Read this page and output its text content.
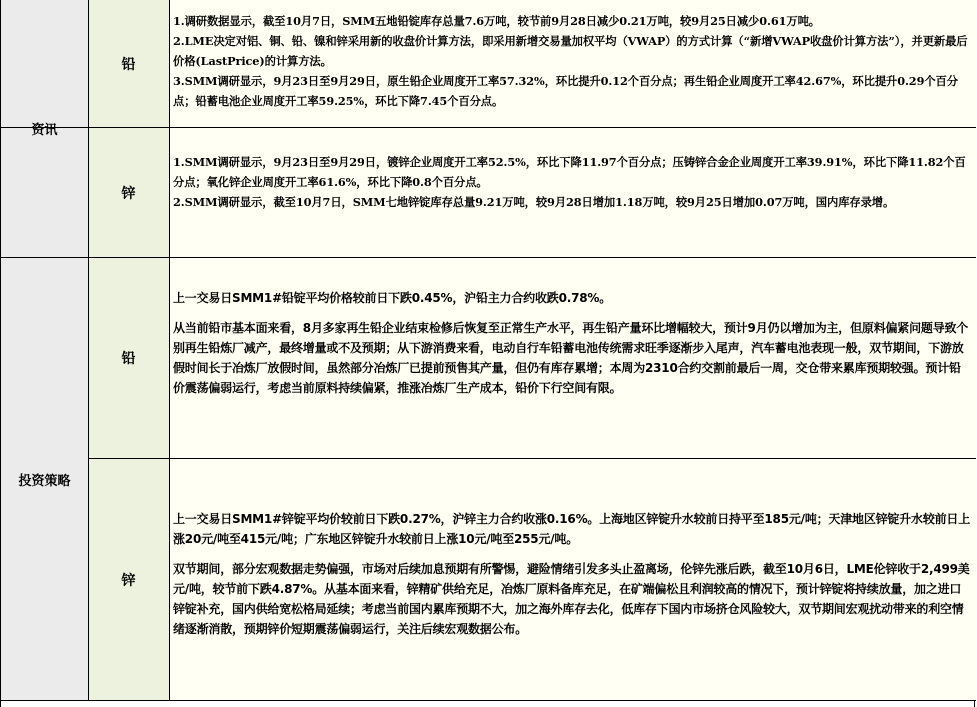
资讯
铅

1.调研数据显示，截至10月7日，SMM五地铅锭库存总量7.6万吨，较节前9月28日减少0.21万吨，较9月25日减少0.61万吨。

2.LME决定对铝、铜、铅、镍和锌采用新的收盘价计算方法，即采用新增交易量加权平均（VWAP）的方式计算（“新增VWAP收盘价计算方法”），并更新最后价格(LastPrice)的计算方法。

3.SMM调研显示，9月23日至9月29日，原生铅企业周度开工率57.32%，环比提升0.12个百分点；再生铅企业周度开工率42.67%，环比提升0.29个百分点；铅蓄电池企业周度开工率59.25%，环比下降7.45个百分点。

锌

1.SMM调研显示，9月23日至9月29日，镀锌企业周度开工率52.5%，环比下降11.97个百分点；压铸锌合金企业周度开工率39.91%，环比下降11.82个百分点；氧化锌企业周度开工率61.6%，环比下降0.8个百分点。

2.SMM调研显示，截至10月7日，SMM七地锌锭库存总量9.21万吨，较9月28日增加1.18万吨，较9月25日增加0.07万吨，国内库存录增。

投资策略
铅

上一交易日SMM1#铅锭平均价格较前日下跌0.45%，沪铅主力合约收跌0.78%。

从当前铅市基本面来看，8月多家再生铅企业结束检修后恢复至正常生产水平，再生铅产量环比增幅较大，预计9月仍以增加为主，但原料偏紧问题导致个别再生铅炼厂减产，最终增量或不及预期；从下游消费来看，电动自行车铅蓄电池传统需求旺季逐渐步入尾声，汽车蓄电池表现一般，双节期间，下游放假时间长于冶炼厂放假时间，虽然部分冶炼厂已提前预售其产量，但仍有库存累增；本周为2310合约交割前最后一周，交仓带来累库预期较强。预计铅价震荡偏弱运行，考虑当前原料持续偏紧，推涨冶炼厂生产成本，铅价下行空间有限。

锌

上一交易日SMM1#锌锭平均价较前日下跌0.27%，沪锌主力合约收涨0.16%。上海地区锌锭升水较前日持平至185元/吨；天津地区锌锭升水较前日上涨20元/吨至415元/吨；广东地区锌锭升水较前日上涨10元/吨至255元/吨。

双节期间，部分宏观数据走势偏强，市场对后续加息预期有所警惕，避险情绪引发多头止盈离场，伦锌先涨后跌，截至10月6日，LME伦锌收于2,499美元/吨，较节前下跌4.87%。从基本面来看，锌精矿供给充足，冶炼厂原料备库充足，在矿端偏松且利润较高的情况下，预计锌锭将持续放量，加之进口锌锭补充，国内供给宽松格局延续；考虑当前国内累库预期不大，加之海外库存去化，低库存下国内市场挤仓风险较大，双节期间宏观扰动带来的利空情绪逐渐消散，预期锌价短期震荡偏弱运行，关注后续宏观数据公布。
